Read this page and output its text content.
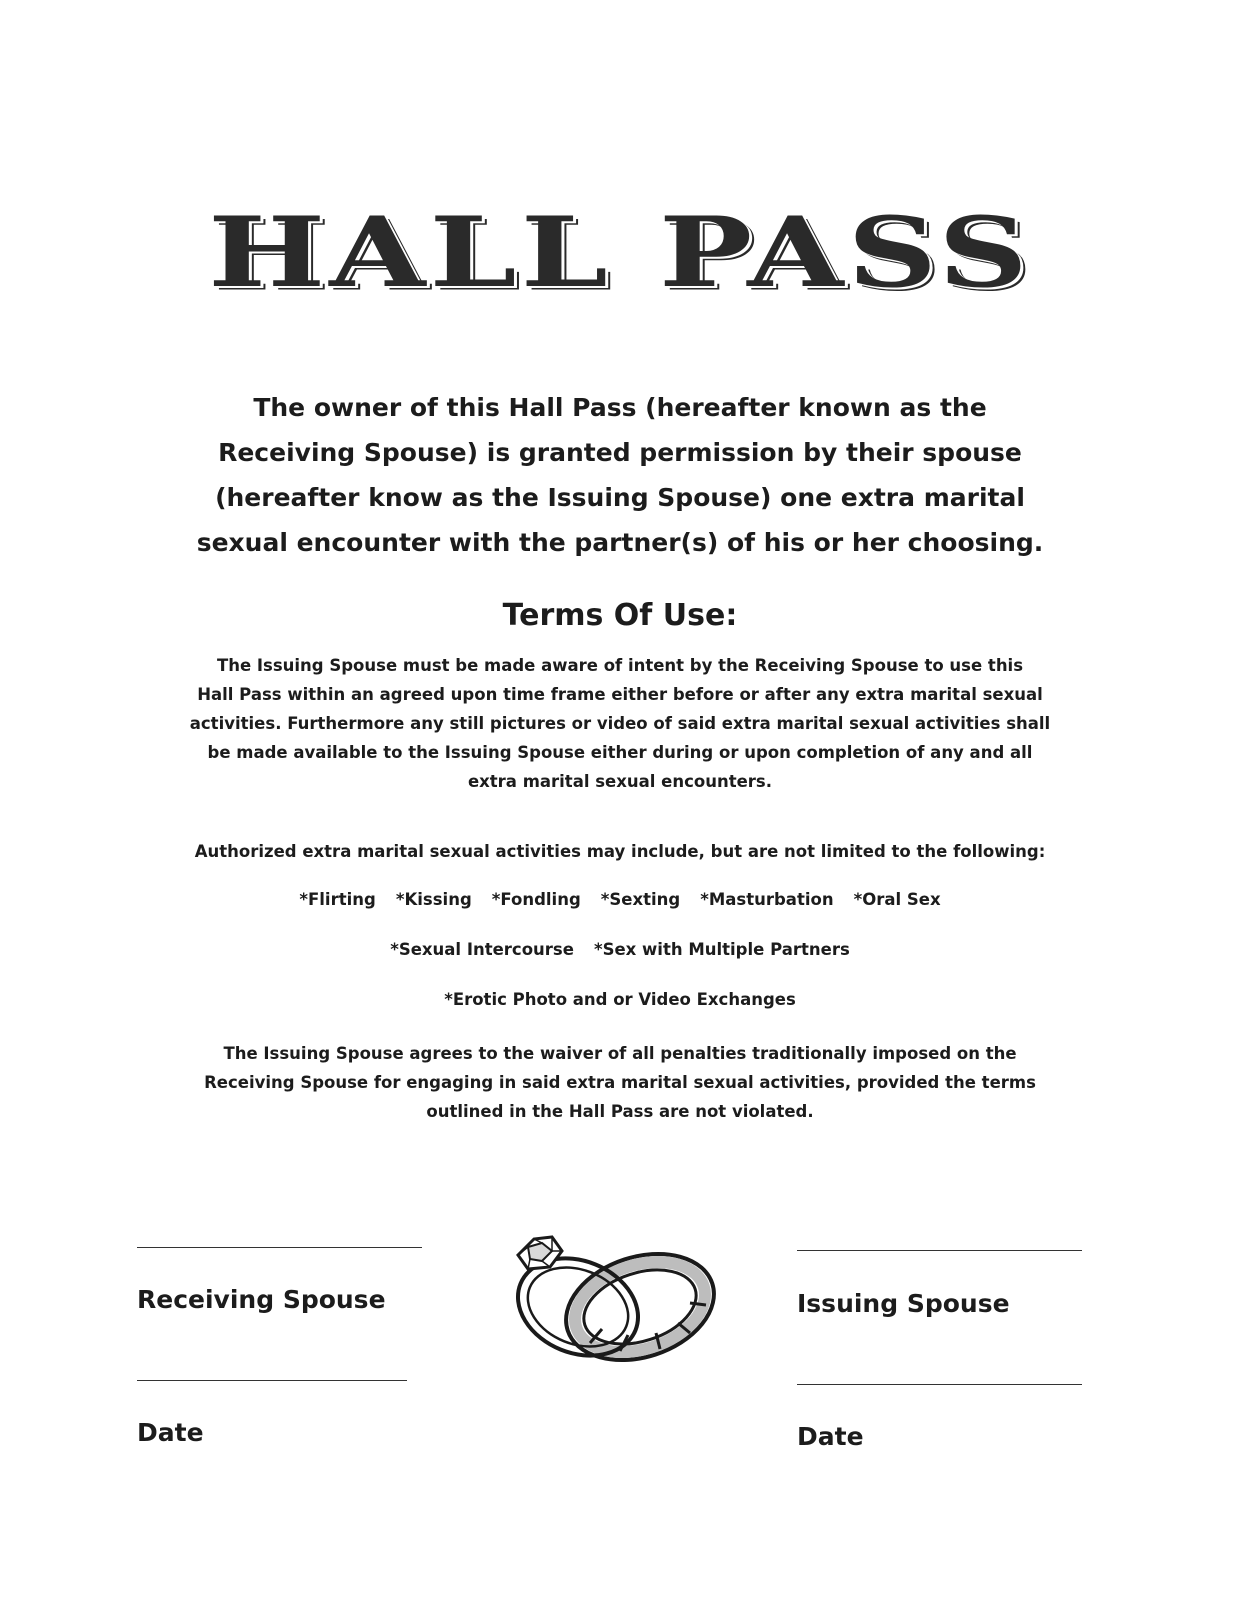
HALL PASS
The owner of this Hall Pass (hereafter known as the
Receiving Spouse) is granted permission by their spouse
(hereafter know as the Issuing Spouse) one extra marital
sexual encounter with the partner(s) of his or her choosing.
Terms Of Use:
The Issuing Spouse must be made aware of intent by the Receiving Spouse to use this
Hall Pass within an agreed upon time frame either before or after any extra marital sexual
activities. Furthermore any still pictures or video of said extra marital sexual activities shall
be made available to the Issuing Spouse either during or upon completion of any and all
extra marital sexual encounters.
Authorized extra marital sexual activities may include, but are not limited to the following:
*Flirting *Kissing *Fondling *Sexting *Masturbation *Oral Sex
*Sexual Intercourse *Sex with Multiple Partners
*Erotic Photo and or Video Exchanges
The Issuing Spouse agrees to the waiver of all penalties traditionally imposed on the
Receiving Spouse for engaging in said extra marital sexual activities, provided the terms
outlined in the Hall Pass are not violated.
Receiving Spouse
Date
Issuing Spouse
Date
